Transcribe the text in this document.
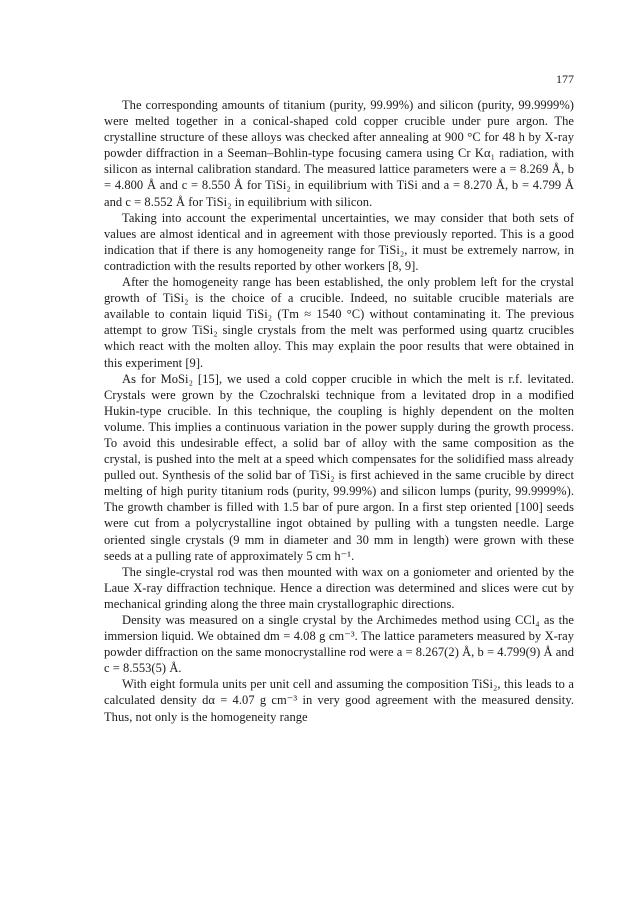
177

The corresponding amounts of titanium (purity, 99.99%) and silicon (purity, 99.9999%) were melted together in a conical-shaped cold copper crucible under pure argon. The crystalline structure of these alloys was checked after annealing at 900 °C for 48 h by X-ray powder diffraction in a Seeman–Bohlin-type focusing camera using Cr Kα₁ radiation, with silicon as internal calibration standard. The measured lattice parameters were a = 8.269 Å, b = 4.800 Å and c = 8.550 Å for TiSi₂ in equilibrium with TiSi and a = 8.270 Å, b = 4.799 Å and c = 8.552 Å for TiSi₂ in equilibrium with silicon.

Taking into account the experimental uncertainties, we may consider that both sets of values are almost identical and in agreement with those previously reported. This is a good indication that if there is any homogeneity range for TiSi₂, it must be extremely narrow, in contradiction with the results reported by other workers [8, 9].

After the homogeneity range has been established, the only problem left for the crystal growth of TiSi₂ is the choice of a crucible. Indeed, no suitable crucible materials are available to contain liquid TiSi₂ (Tm ≈ 1540 °C) without contaminating it. The previous attempt to grow TiSi₂ single crystals from the melt was performed using quartz crucibles which react with the molten alloy. This may explain the poor results that were obtained in this experiment [9].

As for MoSi₂ [15], we used a cold copper crucible in which the melt is r.f. levitated. Crystals were grown by the Czochralski technique from a levitated drop in a modified Hukin-type crucible. In this technique, the coupling is highly dependent on the molten volume. This implies a continuous variation in the power supply during the growth process. To avoid this undesirable effect, a solid bar of alloy with the same composition as the crystal, is pushed into the melt at a speed which compensates for the solidified mass already pulled out. Synthesis of the solid bar of TiSi₂ is first achieved in the same crucible by direct melting of high purity titanium rods (purity, 99.99%) and silicon lumps (purity, 99.9999%). The growth chamber is filled with 1.5 bar of pure argon. In a first step oriented [100] seeds were cut from a polycrystalline ingot obtained by pulling with a tungsten needle. Large oriented single crystals (9 mm in diameter and 30 mm in length) were grown with these seeds at a pulling rate of approximately 5 cm h⁻¹.

The single-crystal rod was then mounted with wax on a goniometer and oriented by the Laue X-ray diffraction technique. Hence a direction was determined and slices were cut by mechanical grinding along the three main crystallographic directions.

Density was measured on a single crystal by the Archimedes method using CCl₄ as the immersion liquid. We obtained dm = 4.08 g cm⁻³. The lattice parameters measured by X-ray powder diffraction on the same monocrystalline rod were a = 8.267(2) Å, b = 4.799(9) Å and c = 8.553(5) Å.

With eight formula units per unit cell and assuming the composition TiSi₂, this leads to a calculated density dα = 4.07 g cm⁻³ in very good agreement with the measured density. Thus, not only is the homogeneity range
